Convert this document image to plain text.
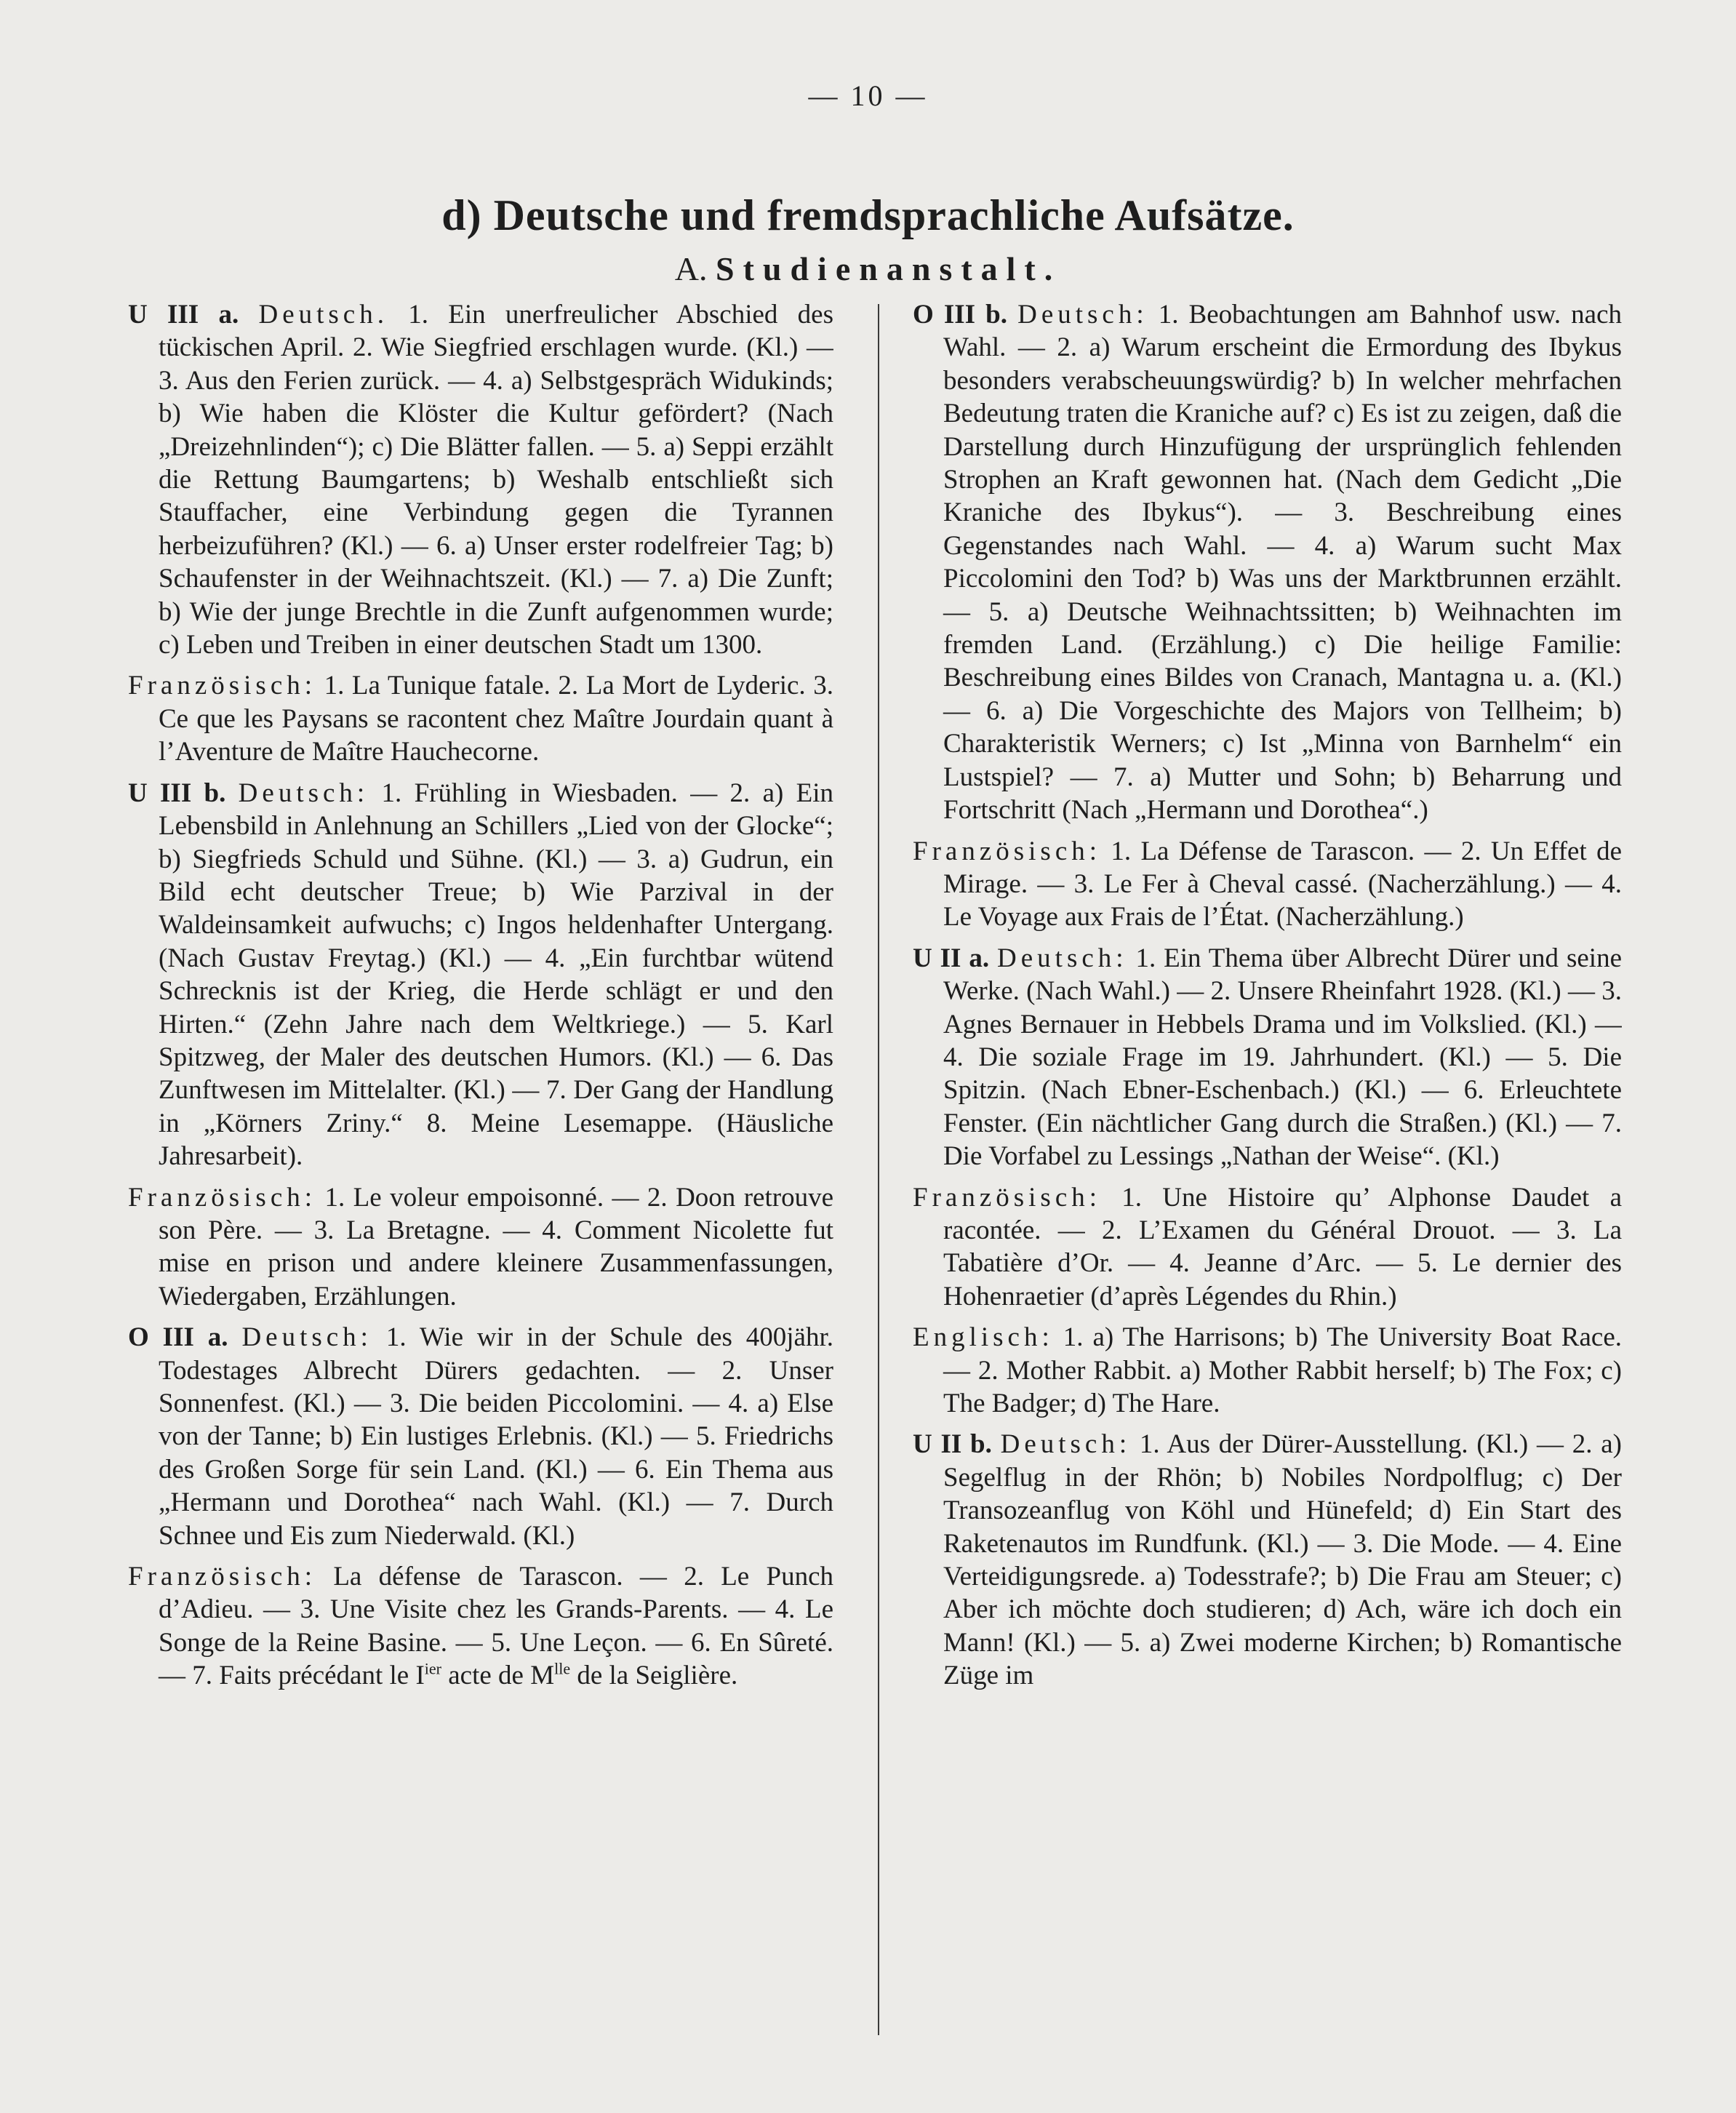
— 10 —
d) Deutsche und fremdsprachliche Aufsätze.
A. Studienanstalt.

U III a. Deutsch. 1. Ein unerfreulicher Abschied des tückischen April. 2. Wie Siegfried erschlagen wurde. (Kl.) — 3. Aus den Ferien zurück. — 4. a) Selbstgespräch Widukinds; b) Wie haben die Klöster die Kultur gefördert? (Nach „Dreizehnlinden“); c) Die Blätter fallen. — 5. a) Seppi erzählt die Rettung Baumgartens; b) Weshalb entschließt sich Stauffacher, eine Verbindung gegen die Tyrannen herbeizuführen? (Kl.) — 6. a) Unser erster rodelfreier Tag; b) Schaufenster in der Weihnachtszeit. (Kl.) — 7. a) Die Zunft; b) Wie der junge Brechtle in die Zunft aufgenommen wurde; c) Leben und Treiben in einer deutschen Stadt um 1300.

Französisch: 1. La Tunique fatale. 2. La Mort de Lyderic. 3. Ce que les Paysans se racontent chez Maître Jourdain quant à l’Aventure de Maître Hauchecorne.

U III b. Deutsch: 1. Frühling in Wiesbaden. — 2. a) Ein Lebensbild in Anlehnung an Schillers „Lied von der Glocke“; b) Siegfrieds Schuld und Sühne. (Kl.) — 3. a) Gudrun, ein Bild echt deutscher Treue; b) Wie Parzival in der Waldeinsamkeit aufwuchs; c) Ingos heldenhafter Untergang. (Nach Gustav Freytag.) (Kl.) — 4. „Ein furchtbar wütend Schrecknis ist der Krieg, die Herde schlägt er und den Hirten.“ (Zehn Jahre nach dem Weltkriege.) — 5. Karl Spitzweg, der Maler des deutschen Humors. (Kl.) — 6. Das Zunftwesen im Mittelalter. (Kl.) — 7. Der Gang der Handlung in „Körners Zriny.“ 8. Meine Lesemappe. (Häusliche Jahresarbeit).

Französisch: 1. Le voleur empoisonné. — 2. Doon retrouve son Père. — 3. La Bretagne. — 4. Comment Nicolette fut mise en prison und andere kleinere Zusammenfassungen, Wiedergaben, Erzählungen.

O III a. Deutsch: 1. Wie wir in der Schule des 400jähr. Todestages Albrecht Dürers gedachten. — 2. Unser Sonnenfest. (Kl.) — 3. Die beiden Piccolomini. — 4. a) Else von der Tanne; b) Ein lustiges Erlebnis. (Kl.) — 5. Friedrichs des Großen Sorge für sein Land. (Kl.) — 6. Ein Thema aus „Hermann und Dorothea“ nach Wahl. (Kl.) — 7. Durch Schnee und Eis zum Niederwald. (Kl.)

Französisch: La défense de Tarascon. — 2. Le Punch d’Adieu. — 3. Une Visite chez les Grands-Parents. — 4. Le Songe de la Reine Basine. — 5. Une Leçon. — 6. En Sûreté. — 7. Faits précédant le $I^{ier}$ acte de $M^{lle}$ de la Seiglière.

O III b. Deutsch: 1. Beobachtungen am Bahnhof usw. nach Wahl. — 2. a) Warum erscheint die Ermordung des Ibykus besonders verabscheuungswürdig? b) In welcher mehrfachen Bedeutung traten die Kraniche auf? c) Es ist zu zeigen, daß die Darstellung durch Hinzufügung der ursprünglich fehlenden Strophen an Kraft gewonnen hat. (Nach dem Gedicht „Die Kraniche des Ibykus“). — 3. Beschreibung eines Gegenstandes nach Wahl. — 4. a) Warum sucht Max Piccolomini den Tod? b) Was uns der Marktbrunnen erzählt. — 5. a) Deutsche Weihnachtssitten; b) Weihnachten im fremden Land. (Erzählung.) c) Die heilige Familie: Beschreibung eines Bildes von Cranach, Mantagna u. a. (Kl.) — 6. a) Die Vorgeschichte des Majors von Tellheim; b) Charakteristik Werners; c) Ist „Minna von Barnhelm“ ein Lustspiel? — 7. a) Mutter und Sohn; b) Beharrung und Fortschritt (Nach „Hermann und Dorothea“.)

Französisch: 1. La Défense de Tarascon. — 2. Un Effet de Mirage. — 3. Le Fer à Cheval cassé. (Nacherzählung.) — 4. Le Voyage aux Frais de l’État. (Nacherzählung.)

U II a. Deutsch: 1. Ein Thema über Albrecht Dürer und seine Werke. (Nach Wahl.) — 2. Unsere Rheinfahrt 1928. (Kl.) — 3. Agnes Bernauer in Hebbels Drama und im Volkslied. (Kl.) — 4. Die soziale Frage im 19. Jahrhundert. (Kl.) — 5. Die Spitzin. (Nach Ebner-Eschenbach.) (Kl.) — 6. Erleuchtete Fenster. (Ein nächtlicher Gang durch die Straßen.) (Kl.) — 7. Die Vorfabel zu Lessings „Nathan der Weise“. (Kl.)

Französisch: 1. Une Histoire qu’ Alphonse Daudet a racontée. — 2. L’Examen du Général Drouot. — 3. La Tabatière d’Or. — 4. Jeanne d’Arc. — 5. Le dernier des Hohenraetier (d’après Légendes du Rhin.)

Englisch: 1. a) The Harrisons; b) The University Boat Race. — 2. Mother Rabbit. a) Mother Rabbit herself; b) The Fox; c) The Badger; d) The Hare.

U II b. Deutsch: 1. Aus der Dürer-Ausstellung. (Kl.) — 2. a) Segelflug in der Rhön; b) Nobiles Nordpolflug; c) Der Transozeanflug von Köhl und Hünefeld; d) Ein Start des Raketenautos im Rundfunk. (Kl.) — 3. Die Mode. — 4. Eine Verteidigungsrede. a) Todesstrafe?; b) Die Frau am Steuer; c) Aber ich möchte doch studieren; d) Ach, wäre ich doch ein Mann! (Kl.) — 5. a) Zwei moderne Kirchen; b) Romantische Züge im
